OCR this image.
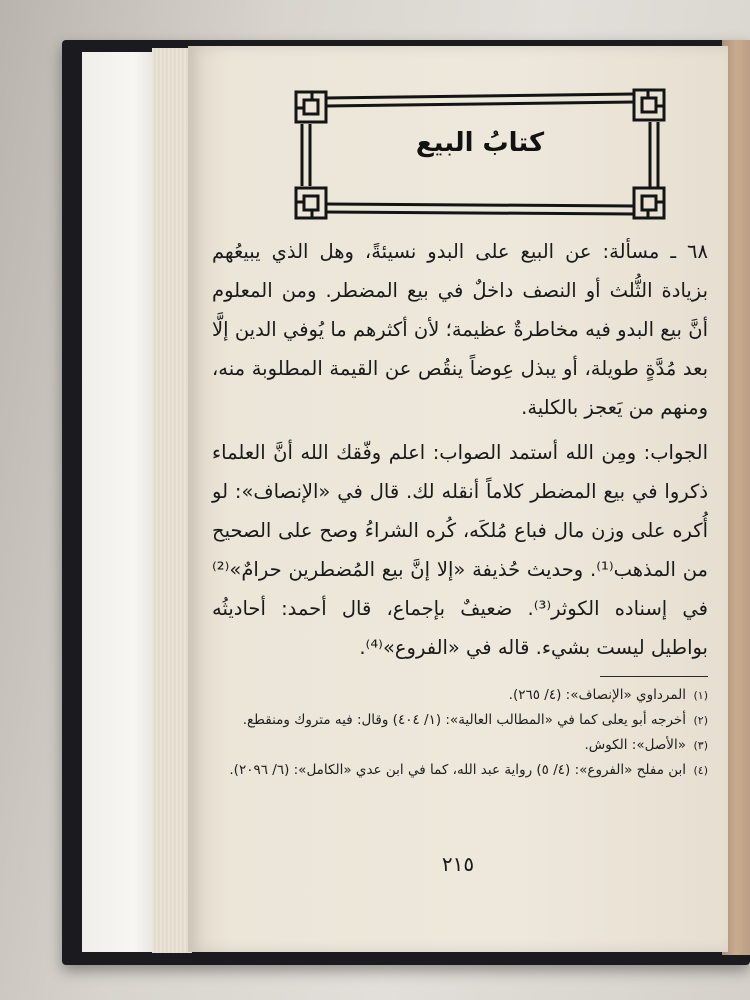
كتابُ البيع

٦٨ ـ مسألة: عن البيع على البدو نسيئةً، وهل الذي يبيعُهم بزيادة الثُّلث أو النصف داخلٌ في بيع المضطر. ومن المعلوم أنَّ بيع البدو فيه مخاطرةٌ عظيمة؛ لأن أكثرهم ما يُوفي الدين إلَّا بعد مُدَّةٍ طويلة، أو يبذل عِوضاً ينقُص عن القيمة المطلوبة منه، ومنهم من يَعجز بالكلية.

الجواب: ومِن الله أستمد الصواب: اعلم وفّقك الله أنَّ العلماء ذكروا في بيع المضطر كلاماً أنقله لك. قال في «الإنصاف»: لو أُكره على وزن مال فباع مُلكَه، كُره الشراءُ وصح على الصحيح من المذهب⁽¹⁾. وحديث حُذيفة «إلا إنَّ بيع المُضطرين حرامٌ»⁽²⁾ في إسناده الكوثر⁽³⁾. ضعيفٌ بإجماع، قال أحمد: أحاديثُه بواطيل ليست بشيء. قاله في «الفروع»⁽⁴⁾.

(١)
المرداوي «الإنصاف»: (٤/ ٢٦٥).
(٢)
أخرجه أبو يعلى كما في «المطالب العالية»: (١/ ٤٠٤) وقال: فيه متروك ومنقطع.
(٣)
«الأصل»: الكوش.
(٤)
ابن مفلح «الفروع»: (٤/ ٥) رواية عبد الله، كما في ابن عدي «الكامل»: (٦/ ٢٠٩٦).
٢١٥
